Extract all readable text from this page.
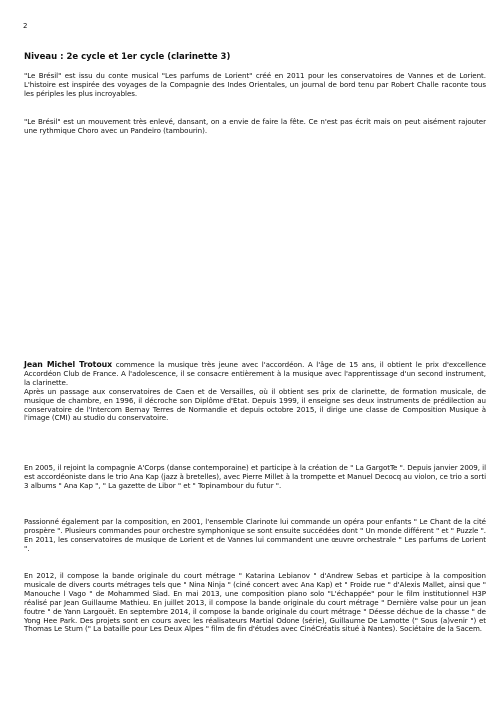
2
Niveau : 2e cycle et 1er cycle (clarinette 3)

"Le Brésil" est issu du conte musical "Les parfums de Lorient" créé en 2011 pour les conservatoires de Vannes et de Lorient. L'histoire est inspirée des voyages de la Compagnie des Indes Orientales, un journal de bord tenu par Robert Challe raconte tous les périples les plus incroyables.

"Le Brésil" est un mouvement très enlevé, dansant, on a envie de faire la fête. Ce n'est pas écrit mais on peut aisément rajouter une rythmique Choro avec un Pandeiro (tambourin).

Jean Michel Trotoux commence la musique très jeune avec l'accordéon. A l'âge de 15 ans, il obtient le prix d'excellence Accordéon Club de France. A l'adolescence, il se consacre entièrement à la musique avec l'apprentissage d'un second instrument, la clarinette.
Après un passage aux conservatoires de Caen et de Versailles, où il obtient ses prix de clarinette, de formation musicale, de musique de chambre, en 1996, il décroche son Diplôme d'Etat. Depuis 1999, il enseigne ses deux instruments de prédilection au conservatoire de l'Intercom Bernay Terres de Normandie et depuis octobre 2015, il dirige une classe de Composition Musique à l'image (CMI) au studio du conservatoire.

En 2005, il rejoint la compagnie A'Corps (danse contemporaine) et participe à la création de " La GargotTe ". Depuis janvier 2009, il est accordéoniste dans le trio Ana Kap (jazz à bretelles), avec Pierre Millet à la trompette et Manuel Decocq au violon, ce trio a sorti 3 albums " Ana Kap ", " La gazette de Libor " et " Topinambour du futur ".

Passionné également par la composition, en 2001, l'ensemble Clarinote lui commande un opéra pour enfants " Le Chant de la cité prospère ". Plusieurs commandes pour orchestre symphonique se sont ensuite succédées dont " Un monde différent " et " Puzzle ". En 2011, les conservatoires de musique de Lorient et de Vannes lui commandent une œuvre orchestrale " Les parfums de Lorient ".

En 2012, il compose la bande originale du court métrage " Katarina Lebianov " d'Andrew Sebas et participe à la composition musicale de divers courts métrages tels que " Nina Ninja " (ciné concert avec Ana Kap) et " Froide rue " d'Alexis Mallet, ainsi que " Manouche l Vago " de Mohammed Siad. En mai 2013, une composition piano solo "L'échappée" pour le film institutionnel H3P réalisé par Jean Guillaume Mathieu. En juillet 2013, il compose la bande originale du court métrage " Dernière valse pour un jean foutre " de Yann Largouët. En septembre 2014, il compose la bande originale du court métrage " Déesse déchue de la chasse " de Yong Hee Park. Des projets sont en cours avec les réalisateurs Martial Odone (série), Guillaume De Lamotte (" Sous (a)venir ") et Thomas Le Stum (" La bataille pour Les Deux Alpes " film de fin d'études avec CinéCréatis situé à Nantes). Sociétaire de la Sacem.
